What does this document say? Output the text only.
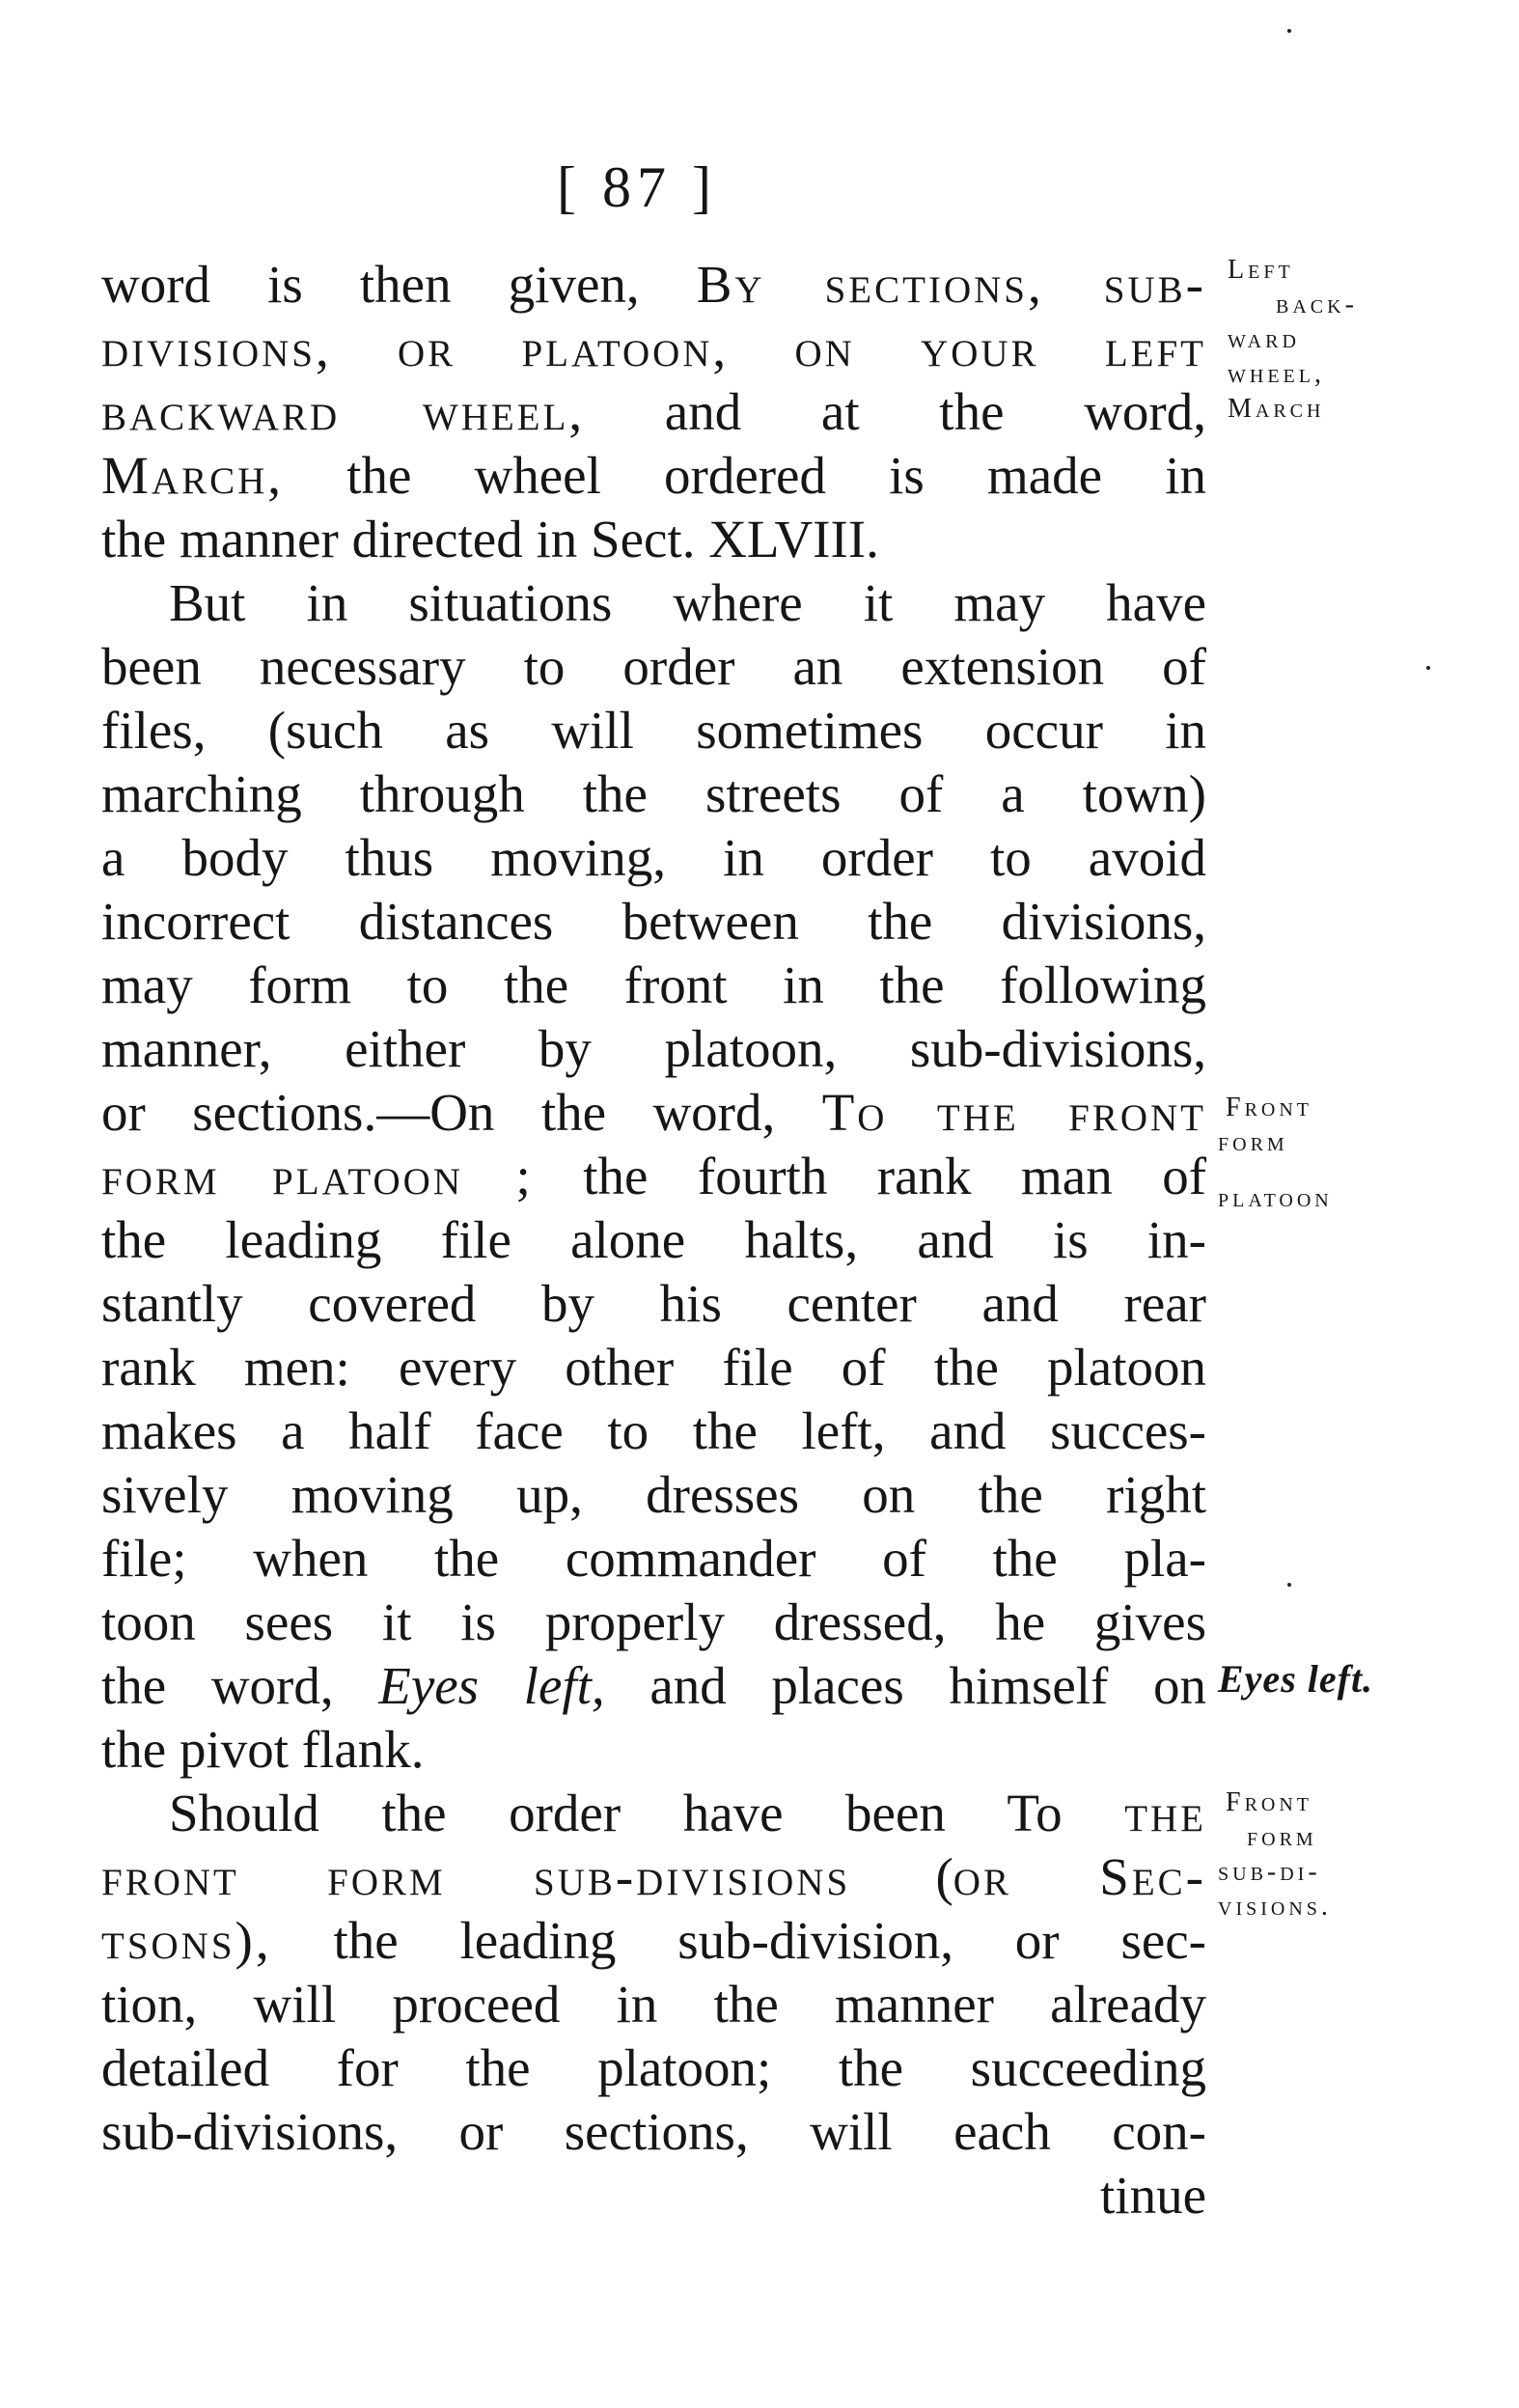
[ 87 ]
word is then given, By sections, sub-
divisions, or platoon, on your left
backward wheel, and at the word,
March, the wheel ordered is made in
the manner directed in Sect. XLVIII.
But in situations where it may have
been necessary to order an extension of
files, (such as will sometimes occur in
marching through the streets of a town)
a body thus moving, in order to avoid
incorrect distances between the divisions,
may form to the front in the following
manner, either by platoon, sub-divisions,
or sections.—On the word, To the front
form platoon ; the fourth rank man of
the leading file alone halts, and is in-
stantly covered by his center and rear
rank men: every other file of the platoon
makes a half face to the left, and succes-
sively moving up, dresses on the right
file; when the commander of the pla-
toon sees it is properly dressed, he gives
the word, Eyes left, and places himself on
the pivot flank.
Should the order have been To the
front form sub-divisions (or Sec-
tsons), the leading sub-division, or sec-
tion, will proceed in the manner already
detailed for the platoon; the succeeding
sub-divisions, or sections, will each con-
tinue
Left
back-
ward
wheel,
March
Front
form
platoon
Eyes left.
Front
form
sub-di-
visions.
